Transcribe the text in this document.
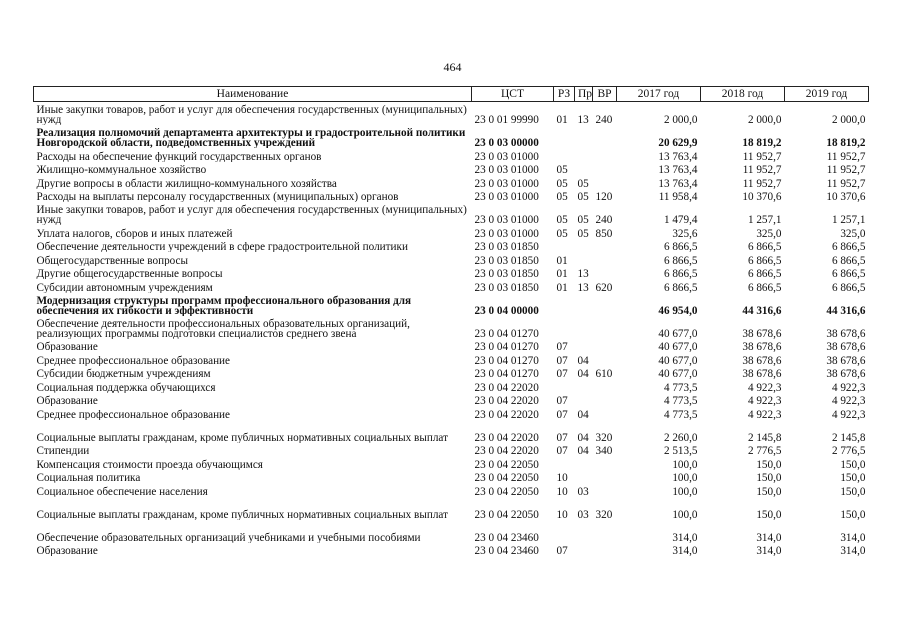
464
Наименование	ЦСТ	РЗ	Пр	ВР	2017 год	2018 год	2019 год
Иные закупки товаров, работ и услуг для обеспечения государственных (муниципальных) нужд	23 0 01 99990	01	13	240	2 000,0	2 000,0	2 000,0
Реализация полномочий департамента архитектуры и градостроительной политики Новгородской области, подведомственных учреждений	23 0 03 00000				20 629,9	18 819,2	18 819,2
Расходы на обеспечение функций государственных органов	23 0 03 01000				13 763,4	11 952,7	11 952,7
Жилищно-коммунальное хозяйство	23 0 03 01000	05			13 763,4	11 952,7	11 952,7
Другие вопросы в области жилищно-коммунального хозяйства	23 0 03 01000	05	05		13 763,4	11 952,7	11 952,7
Расходы на выплаты персоналу государственных (муниципальных) органов	23 0 03 01000	05	05	120	11 958,4	10 370,6	10 370,6
Иные закупки товаров, работ и услуг для обеспечения государственных (муниципальных) нужд	23 0 03 01000	05	05	240	1 479,4	1 257,1	1 257,1
Уплата налогов, сборов и иных платежей	23 0 03 01000	05	05	850	325,6	325,0	325,0
Обеспечение деятельности учреждений в сфере градостроительной политики	23 0 03 01850				6 866,5	6 866,5	6 866,5
Общегосударственные вопросы	23 0 03 01850	01			6 866,5	6 866,5	6 866,5
Другие общегосударственные вопросы	23 0 03 01850	01	13		6 866,5	6 866,5	6 866,5
Субсидии автономным учреждениям	23 0 03 01850	01	13	620	6 866,5	6 866,5	6 866,5
Модернизация структуры программ профессионального образования для обеспечения их гибкости и эффективности	23 0 04 00000				46 954,0	44 316,6	44 316,6
Обеспечение деятельности профессиональных образовательных организаций, реализующих программы подготовки специалистов среднего звена	23 0 04 01270				40 677,0	38 678,6	38 678,6
Образование	23 0 04 01270	07			40 677,0	38 678,6	38 678,6
Среднее профессиональное образование	23 0 04 01270	07	04		40 677,0	38 678,6	38 678,6
Субсидии бюджетным учреждениям	23 0 04 01270	07	04	610	40 677,0	38 678,6	38 678,6
Социальная поддержка обучающихся	23 0 04 22020				4 773,5	4 922,3	4 922,3
Образование	23 0 04 22020	07			4 773,5	4 922,3	4 922,3
Среднее профессиональное образование	23 0 04 22020	07	04		4 773,5	4 922,3	4 922,3
Социальные выплаты гражданам, кроме публичных нормативных социальных выплат	23 0 04 22020	07	04	320	2 260,0	2 145,8	2 145,8
Стипендии	23 0 04 22020	07	04	340	2 513,5	2 776,5	2 776,5
Компенсация стоимости проезда обучающимся	23 0 04 22050				100,0	150,0	150,0
Социальная политика	23 0 04 22050	10			100,0	150,0	150,0
Социальное обеспечение населения	23 0 04 22050	10	03		100,0	150,0	150,0
Социальные выплаты гражданам, кроме публичных нормативных социальных выплат	23 0 04 22050	10	03	320	100,0	150,0	150,0
Обеспечение образовательных организаций учебниками и учебными пособиями	23 0 04 23460				314,0	314,0	314,0
Образование	23 0 04 23460	07			314,0	314,0	314,0
